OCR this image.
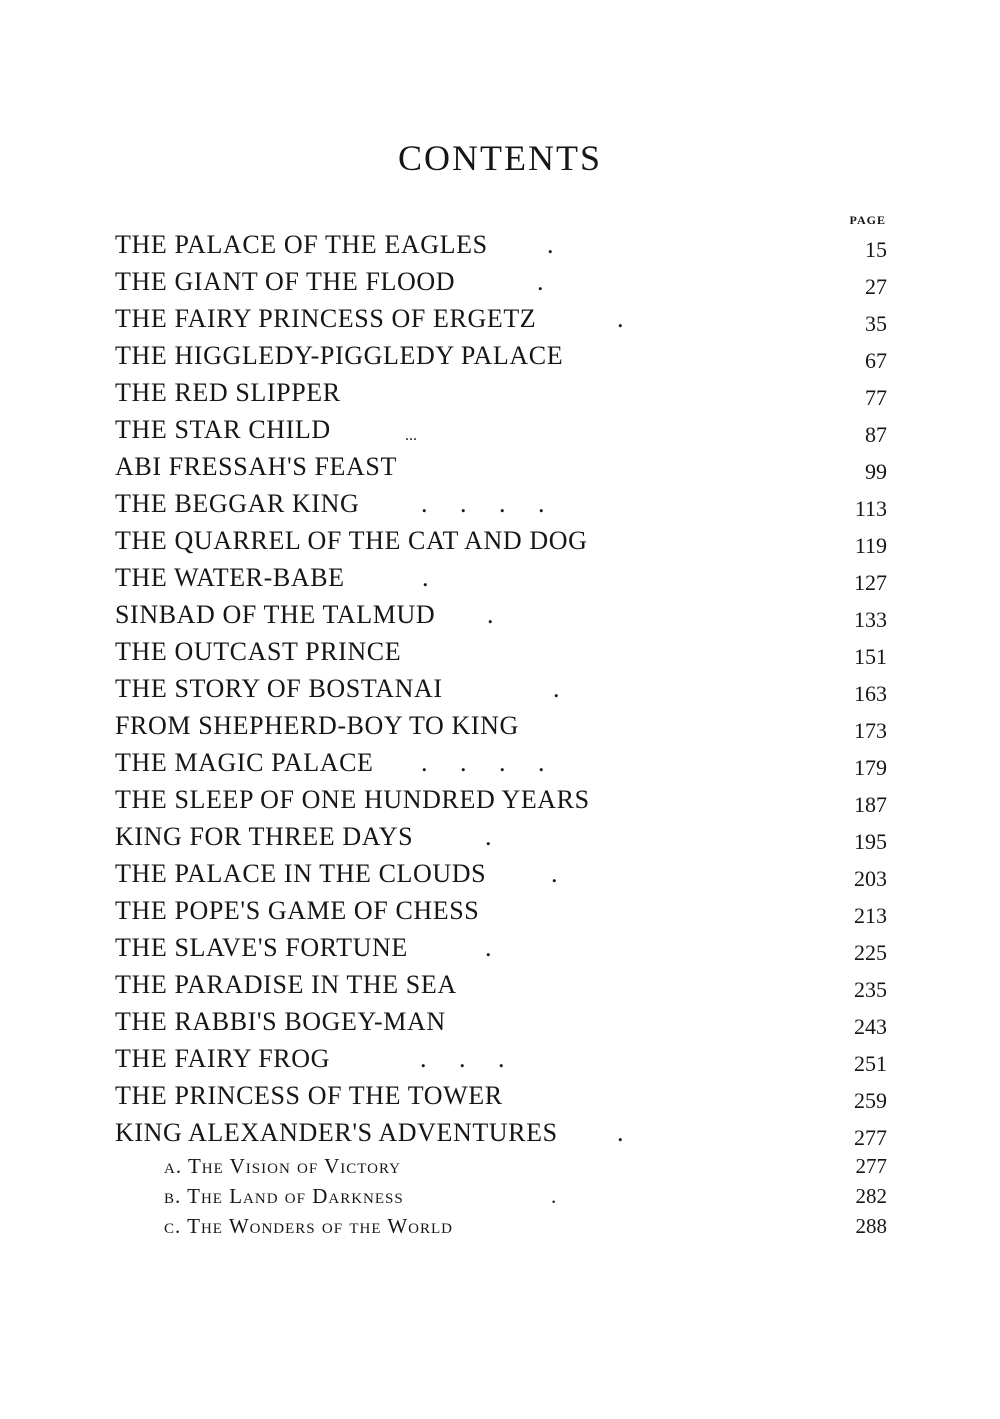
CONTENTS
PAGE
THE PALACE OF THE EAGLES .	15
THE GIANT OF THE FLOOD	.	27
THE FAIRY PRINCESS OF ERGETZ	.	35
THE HIGGLEDY-PIGGLEDY PALACE	67
THE RED SLIPPER	77
THE STAR CHILD	...	87
ABI FRESSAH'S FEAST	99
THE BEGGAR KING .     .     .     .	113
THE QUARREL OF THE CAT AND DOG	119
THE WATER-BABE	.	127
SINBAD OF THE TALMUD .	133
THE OUTCAST PRINCE	151
THE STORY OF BOSTANAI	.	163
FROM SHEPHERD-BOY TO KING	173
THE MAGIC PALACE .     .     .     .	179
THE SLEEP OF ONE HUNDRED YEARS	187
KING FOR THREE DAYS	.	195
THE PALACE IN THE CLOUDS .	203
THE POPE'S GAME OF CHESS	213
THE SLAVE'S FORTUNE	.	225
THE PARADISE IN THE SEA	235
THE RABBI'S BOGEY-MAN	243
THE FAIRY FROG	.     .     .	251
THE PRINCESS OF THE TOWER	259
KING ALEXANDER'S ADVENTURES .	277
a. The Vision of Victory	277
b. The Land of Darkness	.	282
c. The Wonders of the World	288
